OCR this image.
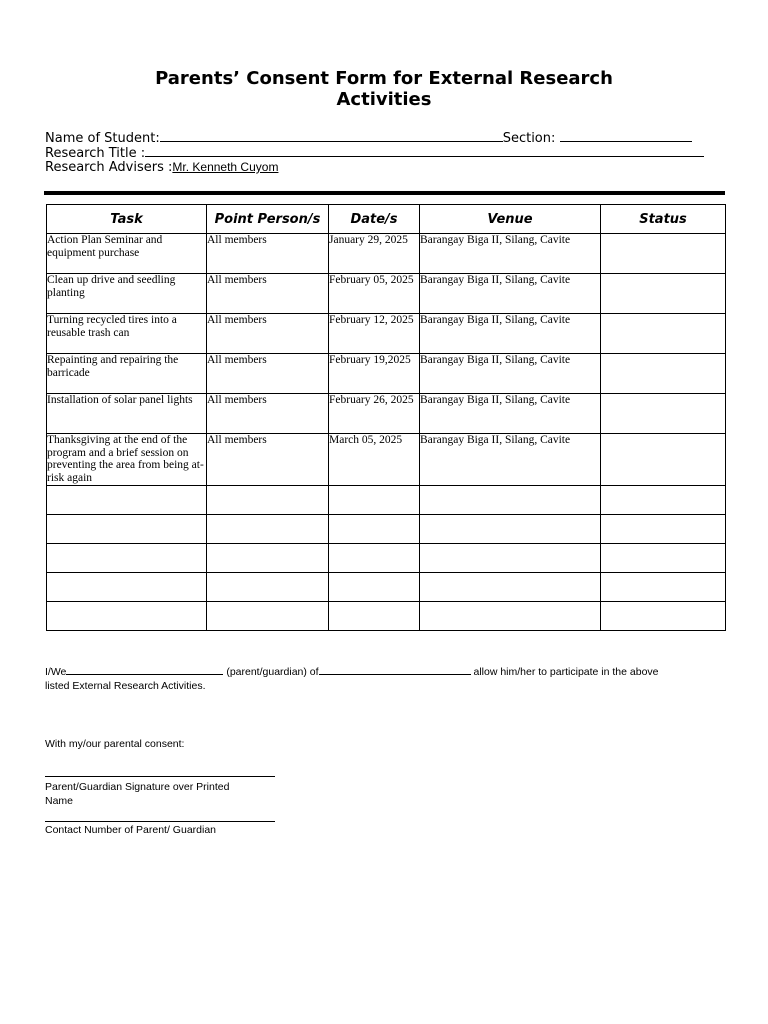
Parents’ Consent Form for External Research
Activities
Name of Student:	Section:
Research Title :
Research Advisers :Mr. Kenneth Cuyom
Task	Point Person/s	Date/s	Venue	Status
Action Plan Seminar and equipment purchase	All members	January 29, 2025	Barangay Biga II, Silang, Cavite	
Clean up drive and seedling planting	All members	February 05, 2025	Barangay Biga II, Silang, Cavite	
Turning recycled tires into a reusable trash can	All members	February 12, 2025	Barangay Biga II, Silang, Cavite	
Repainting and repairing the barricade	All members	February 19,2025	Barangay Biga II, Silang, Cavite	
Installation of solar panel lights	All members	February 26, 2025	Barangay Biga II, Silang, Cavite	
Thanksgiving at the end of the program and a brief session on preventing the area from being at-risk again	All members	March 05, 2025	Barangay Biga II, Silang, Cavite	

I/We	(parent/guardian) of	allow him/her to participate in the above
listed External Research Activities.
With my/our parental consent:
Parent/Guardian Signature over Printed
Name
Contact Number of Parent/ Guardian
